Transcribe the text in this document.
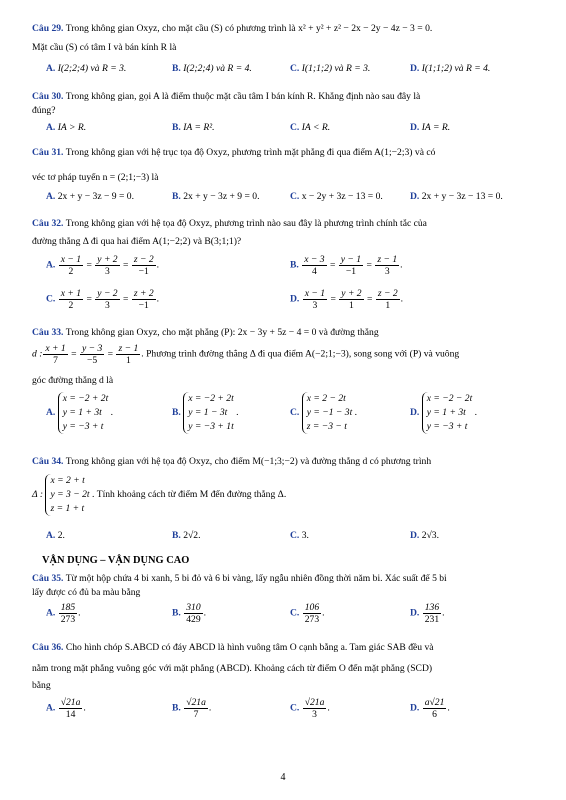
Câu 29. Trong không gian Oxyz, cho mặt cầu (S) có phương trình là x² + y² + z² − 2x − 2y − 4z − 3 = 0.
Mặt cầu (S) có tâm I và bán kính R là
A. I(2;2;4) và R = 3.	B. I(2;2;4) và R = 4.	C. I(1;1;2) và R = 3.	D. I(1;1;2) và R = 4.
Câu 30. Trong không gian, gọi A là điểm thuộc mặt cầu tâm I bán kính R. Khẳng định nào sau đây là
đúng?
A. IA > R.	B. IA = R².	C. IA < R.	D. IA = R.
Câu 31. Trong không gian với hệ trục tọa độ Oxyz, phương trình mặt phẳng đi qua điểm A(1;−2;3) và có
véc tơ pháp tuyến n = (2;1;−3) là
A. 2x + y − 3z − 9 = 0.	B. 2x + y − 3z + 9 = 0.	C. x − 2y + 3z − 13 = 0.	D. 2x + y − 3z − 13 = 0.
Câu 32. Trong không gian với hệ tọa độ Oxyz, phương trình nào sau đây là phương trình chính tắc của
đường thẳng Δ đi qua hai điểm A(1;−2;2) và B(3;1;1)?
A. $\frac{x - 1}{2} = \frac{y + 2}{3} = \frac{z - 2}{-1}$ .	B. $\frac{x - 3}{4} = \frac{y - 1}{-1} = \frac{z - 1}{3}$ .
C. $\frac{x + 1}{2} = \frac{y - 2}{3} = \frac{z + 2}{-1}$ .	D. $\frac{x - 1}{3} = \frac{y + 2}{1} = \frac{z - 2}{1}$ .
Câu 33. Trong không gian Oxyz, cho mặt phẳng (P): 2x − 3y + 5z − 4 = 0 và đường thẳng
d : $\frac{x + 1}{7} = \frac{y - 3}{-5} = \frac{z - 1}{1}$ . Phương trình đường thẳng Δ đi qua điểm A(−2;1;−3), song song với (P) và vuông
góc đường thẳng d là
A.
x = −2 + 2t
y = 1 + 3t
y = −3 + t
.	B.
x = −2 + 2t
y = 1 − 3t
y = −3 + 1t
.	C.
x = 2 − 2t
y = −1 − 3t
z = −3 − t
.	D.
x = −2 − 2t
y = 1 + 3t
y = −3 + t
.
Câu 34. Trong không gian với hệ tọa độ Oxyz, cho điểm M(−1;3;−2) và đường thẳng d có phương trình
Δ :
x = 2 + t
y = 3 − 2t
z = 1 + t
. Tính khoảng cách từ điểm M đến đường thẳng Δ.
A. 2.	B. 2√2.	C. 3.	D. 2√3.
VẬN DỤNG – VẬN DỤNG CAO
Câu 35. Từ một hộp chứa 4 bi xanh, 5 bi đỏ và 6 bi vàng, lấy ngẫu nhiên đồng thời năm bi. Xác suất để 5 bi
lấy được có đủ ba màu bằng
A. $\frac{185}{273}$ .	B. $\frac{310}{429}$ .	C. $\frac{106}{273}$ .	D. $\frac{136}{231}$ .
Câu 36. Cho hình chóp S.ABCD có đáy ABCD là hình vuông tâm O cạnh bằng a. Tam giác SAB đều và
nằm trong mặt phẳng vuông góc với mặt phẳng (ABCD). Khoảng cách từ điểm O đến mặt phẳng (SCD)
bằng
A. $\frac{√21a}{14}$ .	B. $\frac{√21a}{7}$ .	C. $\frac{√21a}{3}$ .	D. $\frac{a√21}{6}$ .
4
